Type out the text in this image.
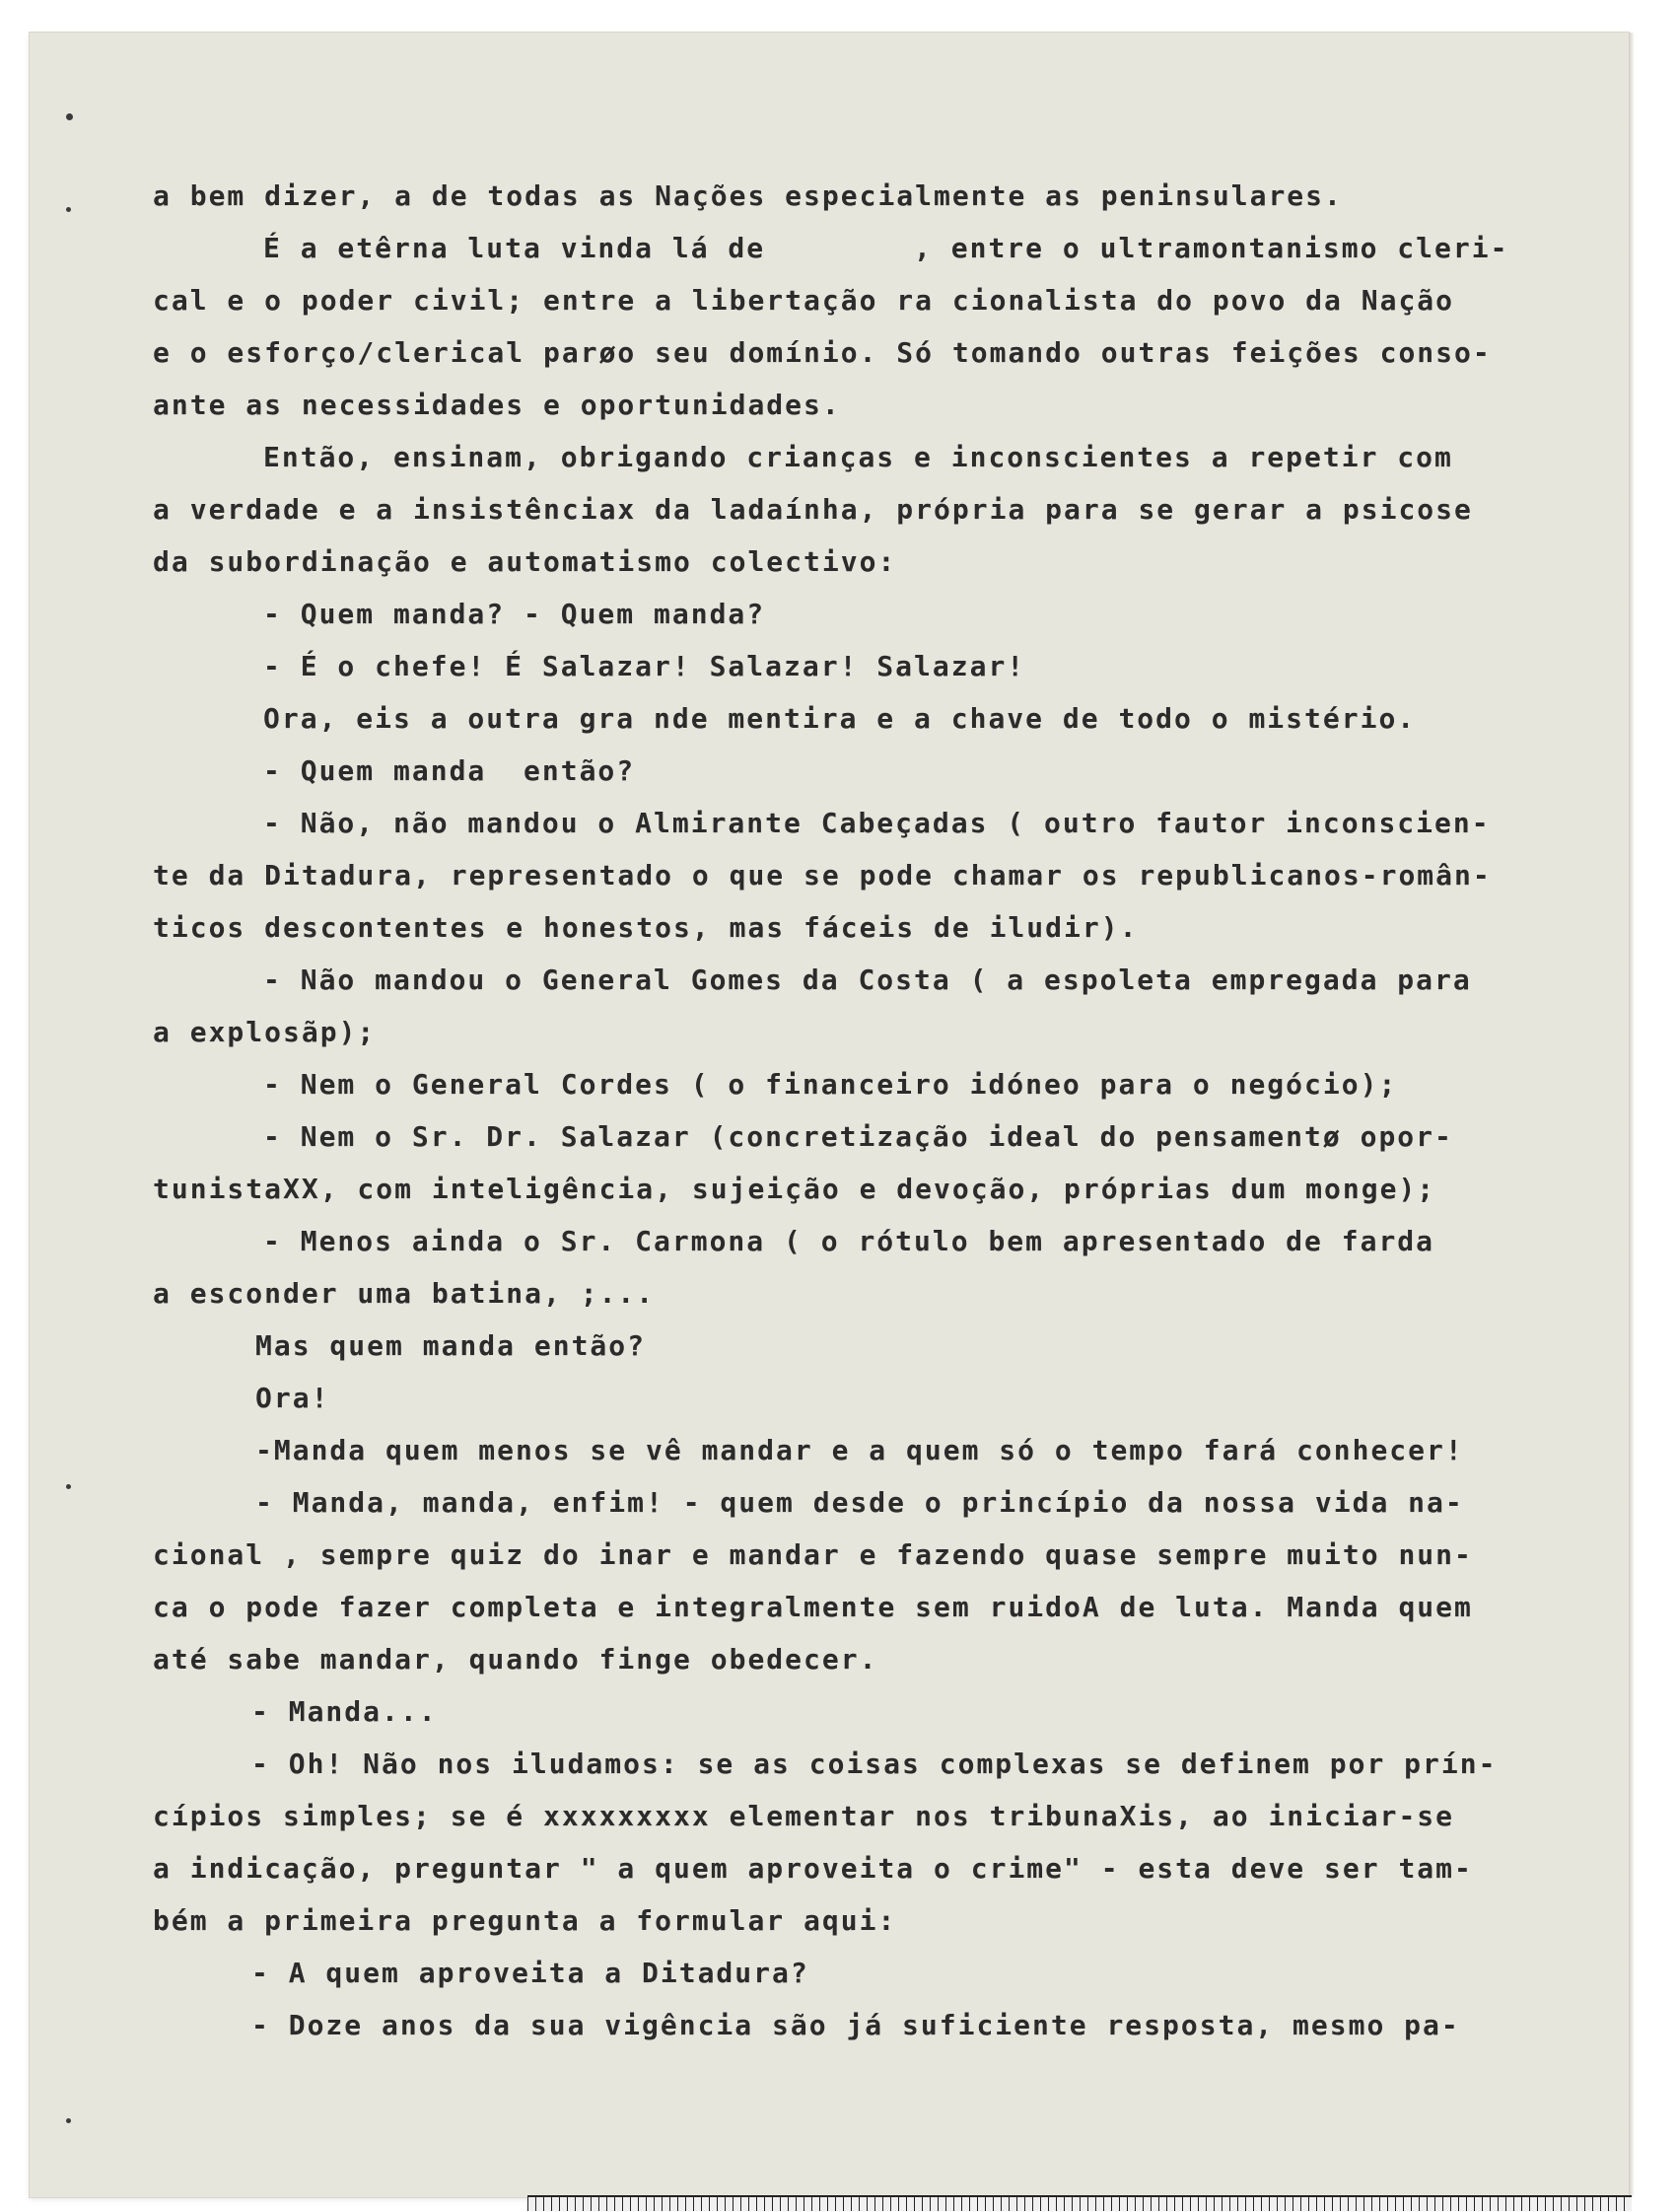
a bem dizer, a de todas as Nações especialmente as peninsulares.
É a etêrna luta vinda lá de        , entre o ultramontanismo cleri-
cal e o poder civil; entre a libertação ra cionalista do povo da Nação
e o esforço/clerical parøo seu domínio. Só tomando outras feições conso-
ante as necessidades e oportunidades.
Então, ensinam, obrigando crianças e inconscientes a repetir com
a verdade e a insistênciax da ladaínha, própria para se gerar a psicose
da subordinação e automatismo colectivo:
- Quem manda? - Quem manda?
- É o chefe! É Salazar! Salazar! Salazar!
Ora, eis a outra gra nde mentira e a chave de todo o mistério.
- Quem manda  então?
- Não, não mandou o Almirante Cabeçadas ( outro fautor inconscien-
te da Ditadura, representado o que se pode chamar os republicanos-român-
ticos descontentes e honestos, mas fáceis de iludir).
- Não mandou o General Gomes da Costa ( a espoleta empregada para
a explosãp);
- Nem o General Cordes ( o financeiro idóneo para o negócio);
- Nem o Sr. Dr. Salazar (concretização ideal do pensamentø opor-
tunistaXX, com inteligência, sujeição e devoção, próprias dum monge);
- Menos ainda o Sr. Carmona ( o rótulo bem apresentado de farda
a esconder uma batina, ;...
Mas quem manda então?
Ora!
-Manda quem menos se vê mandar e a quem só o tempo fará conhecer!
- Manda, manda, enfim! - quem desde o princípio da nossa vida na-
cional , sempre quiz do inar e mandar e fazendo quase sempre muito nun-
ca o pode fazer completa e integralmente sem ruidoA de luta. Manda quem
até sabe mandar, quando finge obedecer.
- Manda...
- Oh! Não nos iludamos: se as coisas complexas se definem por prín-
cípios simples; se é xxxxxxxxx elementar nos tribunaXis, ao iniciar-se
a indicação, preguntar " a quem aproveita o crime" - esta deve ser tam-
bém a primeira pregunta a formular aqui:
- A quem aproveita a Ditadura?
- Doze anos da sua vigência são já suficiente resposta, mesmo pa-
